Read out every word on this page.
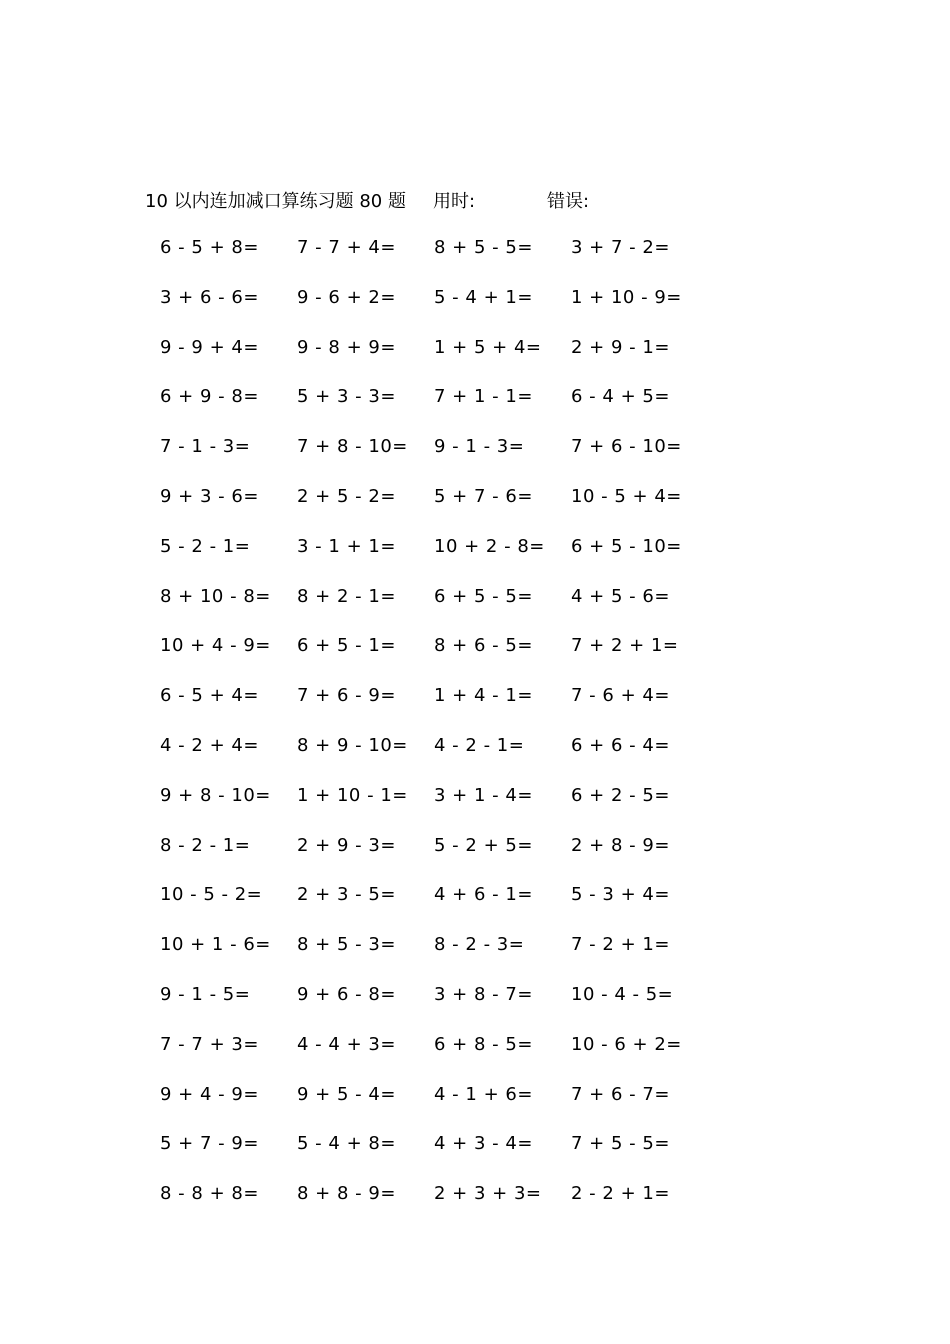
10 以内连加减口算练习题 80 题 用时:	错误:
6 - 5 + 8= 7 - 7 + 4= 8 + 5 - 5= 3 + 7 - 2=
3 + 6 - 6= 9 - 6 + 2= 5 - 4 + 1= 1 + 10 - 9=
9 - 9 + 4= 9 - 8 + 9= 1 + 5 + 4= 2 + 9 - 1=
6 + 9 - 8= 5 + 3 - 3= 7 + 1 - 1= 6 - 4 + 5=
7 - 1 - 3=	7 + 8 - 10= 9 - 1 - 3=	7 + 6 - 10=
9 + 3 - 6= 2 + 5 - 2= 5 + 7 - 6= 10 - 5 + 4=
5 - 2 - 1=	3 - 1 + 1= 10 + 2 - 8= 6 + 5 - 10=
8 + 10 - 8= 8 + 2 - 1= 6 + 5 - 5= 4 + 5 - 6=
10 + 4 - 9= 6 + 5 - 1= 8 + 6 - 5= 7 + 2 + 1=
6 - 5 + 4= 7 + 6 - 9= 1 + 4 - 1= 7 - 6 + 4=
4 - 2 + 4= 8 + 9 - 10= 4 - 2 - 1=	6 + 6 - 4=
9 + 8 - 10= 1 + 10 - 1= 3 + 1 - 4= 6 + 2 - 5=
8 - 2 - 1=	2 + 9 - 3= 5 - 2 + 5= 2 + 8 - 9=
10 - 5 - 2= 2 + 3 - 5= 4 + 6 - 1= 5 - 3 + 4=
10 + 1 - 6= 8 + 5 - 3= 8 - 2 - 3=	7 - 2 + 1=
9 - 1 - 5=	9 + 6 - 8= 3 + 8 - 7= 10 - 4 - 5=
7 - 7 + 3= 4 - 4 + 3= 6 + 8 - 5= 10 - 6 + 2=
9 + 4 - 9= 9 + 5 - 4= 4 - 1 + 6= 7 + 6 - 7=
5 + 7 - 9= 5 - 4 + 8= 4 + 3 - 4= 7 + 5 - 5=
8 - 8 + 8= 8 + 8 - 9= 2 + 3 + 3= 2 - 2 + 1=
